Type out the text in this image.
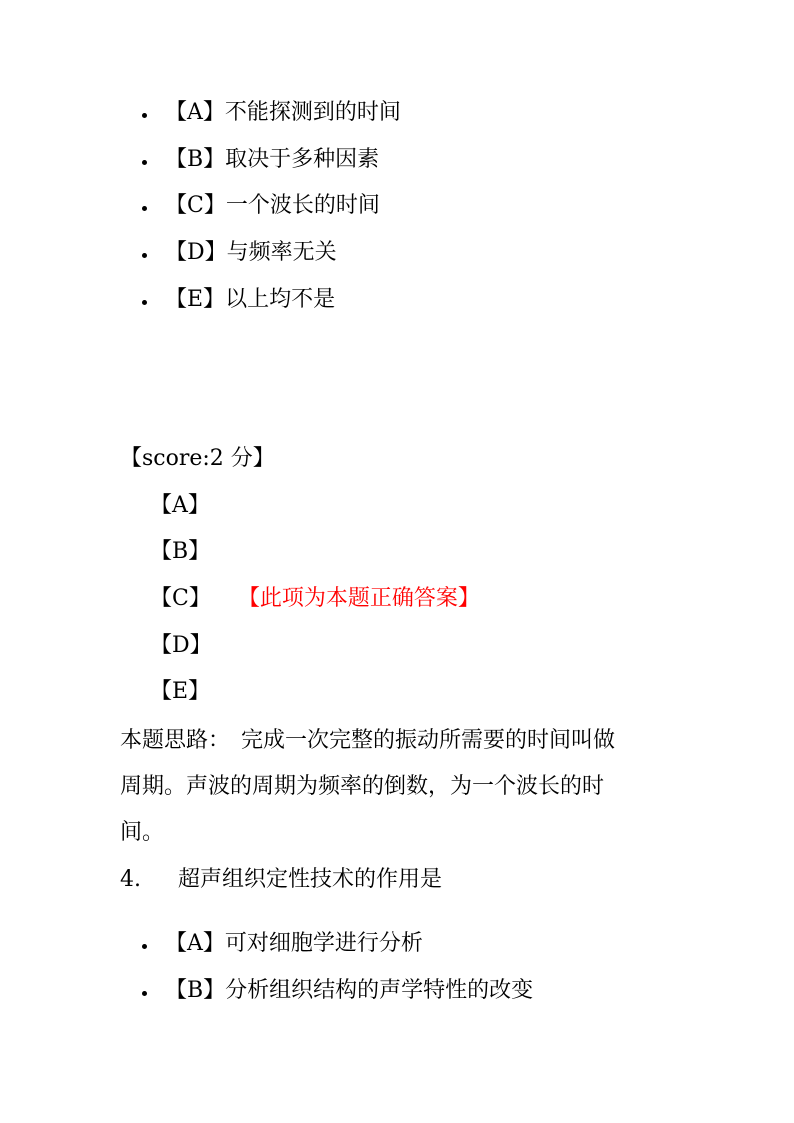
【A】不能探测到的时间
【B】取决于多种因素
【C】一个波长的时间
【D】与频率无关
【E】以上均不是
【score:2 分】
【A】
【B】
【C】 【此项为本题正确答案】
【D】
【E】
本题思路：　完成一次完整的振动所需要的时间叫做
周期。声波的周期为频率的倒数，为一个波长的时
间。
4. 超声组织定性技术的作用是
【A】可对细胞学进行分析
【B】分析组织结构的声学特性的改变
